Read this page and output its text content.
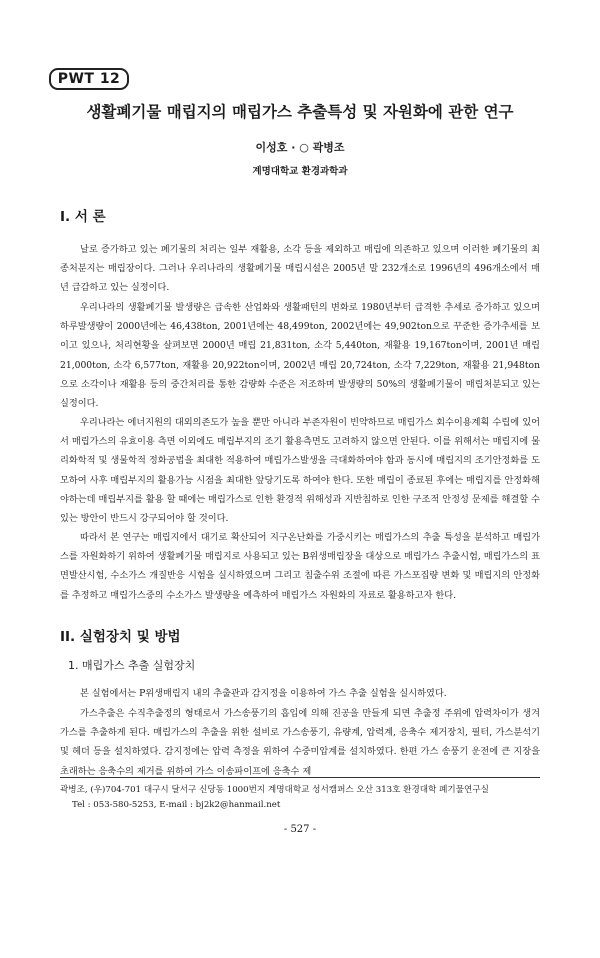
PWT 12
생활폐기물 매립지의 매립가스 추출특성 및 자원화에 관한 연구
이성호 · ○ 곽병조
계명대학교 환경과학과
I. 서 론

날로 증가하고 있는 폐기물의 처리는 일부 재활용, 소각 등을 제외하고 매립에 의존하고 있으며 이러한 폐기물의 최종처분지는 매립장이다. 그러나 우리나라의 생활폐기물 매립시설은 2005년 말 232개소로 1996년의 496개소에서 매년 급감하고 있는 실정이다.

우리나라의 생활폐기물 발생량은 급속한 산업화와 생활패턴의 변화로 1980년부터 급격한 추세로 증가하고 있으며 하루발생량이 2000년에는 46,438ton, 2001년에는 48,499ton, 2002년에는 49,902ton으로 꾸준한 증가추세를 보이고 있으나, 처리현황을 살펴보면 2000년 매립 21,831ton, 소각 5,440ton, 재활용 19,167ton이며, 2001년 매립 21,000ton, 소각 6,577ton, 재활용 20,922ton이며, 2002년 매립 20,724ton, 소각 7,229ton, 재활용 21,948ton으로 소각이나 재활용 등의 중간처리를 통한 감량화 수준은 저조하며 발생량의 50%의 생활폐기물이 매립처분되고 있는 실정이다.

우리나라는 에너지원의 대외의존도가 높을 뿐만 아니라 부존자원이 빈약하므로 매립가스 회수이용계획 수립에 있어서 매립가스의 유효이용 측면 이외에도 매립부지의 조기 활용측면도 고려하지 않으면 안된다. 이를 위해서는 매립지에 물리화학적 및 생물학적 정화공법을 최대한 적용하여 매립가스발생을 극대화하여야 함과 동시에 매립지의 조기안정화를 도모하여 사후 매립부지의 활용가능 시점을 최대한 앞당기도록 하여야 한다. 또한 매립이 종료된 후에는 매립지를 안정화해야하는데 매립부지를 활용 할 때에는 매립가스로 인한 환경적 위해성과 지반침하로 인한 구조적 안정성 문제를 해결할 수 있는 방안이 반드시 강구되어야 할 것이다.

따라서 본 연구는 매립지에서 대기로 확산되어 지구온난화를 가중시키는 매립가스의 추출 특성을 분석하고 매립가스를 자원화하기 위하여 생활폐기물 매립지로 사용되고 있는 B위생매립장을 대상으로 매립가스 추출시험, 매립가스의 표면발산시험, 수소가스 개질반응 시험을 실시하였으며 그리고 침출수위 조절에 따른 가스포집량 변화 및 매립지의 안정화를 추정하고 매립가스중의 수소가스 발생량을 예측하여 매립가스 자원화의 자료로 활용하고자 한다.

II. 실험장치 및 방법
1. 매립가스 추출 실험장치

본 실험에서는 P위생매립지 내의 추출관과 감지정을 이용하여 가스 추출 실험을 실시하였다.

가스추출은 수직추출정의 형태로서 가스송풍기의 흡입에 의해 진공을 만들게 되면 추출정 주위에 압력차이가 생겨 가스를 추출하게 된다. 매립가스의 추출을 위한 설비로 가스송풍기, 유량계, 압력계, 응축수 제거장치, 필터, 가스분석기 및 헤더 등을 설치하였다. 감지정에는 압력 측정을 위하여 수중미압계를 설치하였다. 한편 가스 송풍기 운전에 큰 지장을 초래하는 응축수의 제거를 위하여 가스 이송파이프에 응축수 제

곽병조, (우)704-701 대구시 달서구 신당동 1000번지 계명대학교 성서캠퍼스 오산 313호 환경대학 폐기물연구실
Tel : 053-580-5253, E-mail : bj2k2@hanmail.net
- 527 -
